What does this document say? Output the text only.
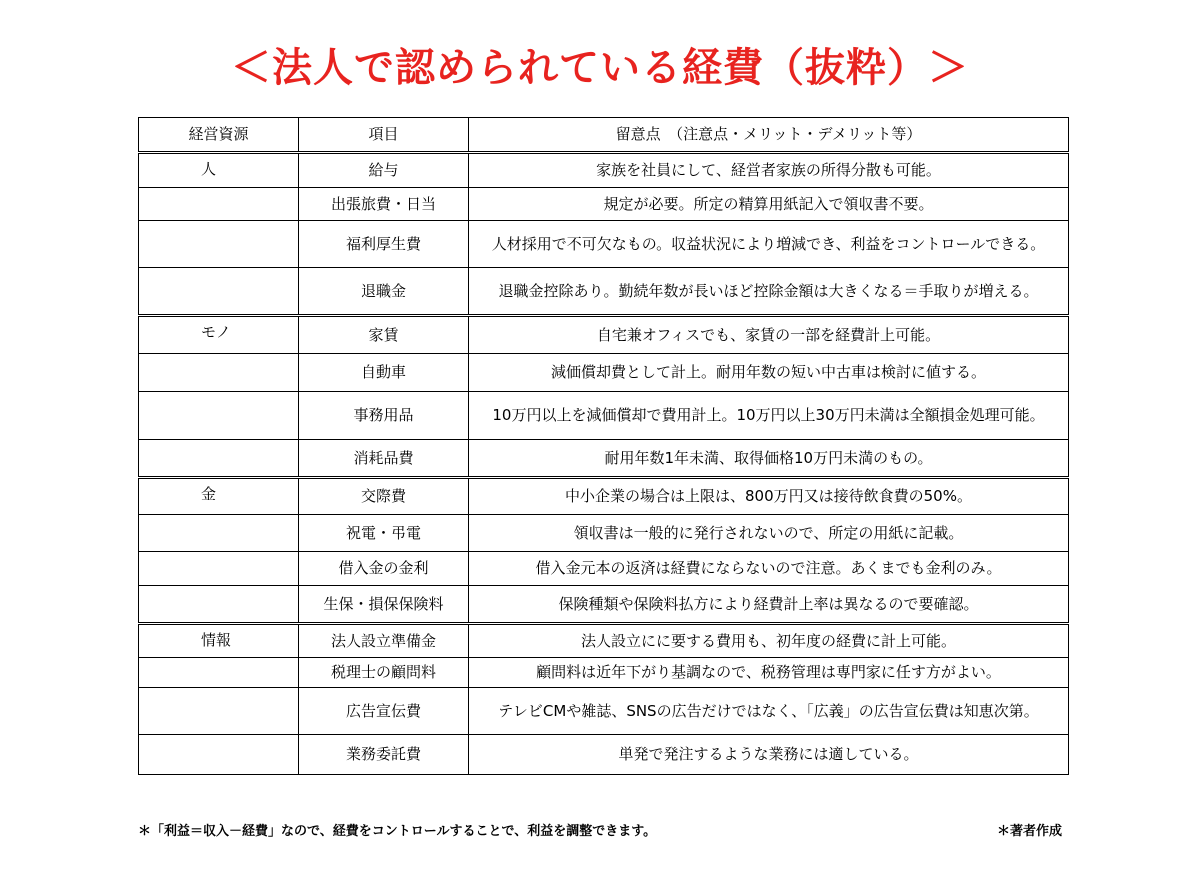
＜法人で認められている経費（抜粋）＞
経営資源	項目	留意点　（注意点・メリット・デメリット等）
人	給与	家族を社員にして、経営者家族の所得分散も可能。
	出張旅費・日当	規定が必要。所定の精算用紙記入で領収書不要。
	福利厚生費	人材採用で不可欠なもの。収益状況により増減でき、利益をコントロールできる。
	退職金	退職金控除あり。勤続年数が長いほど控除金額は大きくなる＝手取りが増える。
モノ	家賃	自宅兼オフィスでも、家賃の一部を経費計上可能。
	自動車	減価償却費として計上。耐用年数の短い中古車は検討に値する。
	事務用品	10万円以上を減価償却で費用計上。10万円以上30万円未満は全額損金処理可能。
	消耗品費	耐用年数1年未満、取得価格10万円未満のもの。
金	交際費	中小企業の場合は上限は、800万円又は接待飲食費の50%。
	祝電・弔電	領収書は一般的に発行されないので、所定の用紙に記載。
	借入金の金利	借入金元本の返済は経費にならないので注意。あくまでも金利のみ。
	生保・損保保険料	保険種類や保険料払方により経費計上率は異なるので要確認。
情報	法人設立準備金	法人設立にに要する費用も、初年度の経費に計上可能。
	税理士の顧問料	顧問料は近年下がり基調なので、税務管理は専門家に任す方がよい。
	広告宣伝費	テレビCMや雑誌、SNSの広告だけではなく、「広義」の広告宣伝費は知恵次第。
	業務委託費	単発で発注するような業務には適している。
＊「利益＝収入－経費」なので、経費をコントロールすることで、利益を調整できます。	＊著者作成
